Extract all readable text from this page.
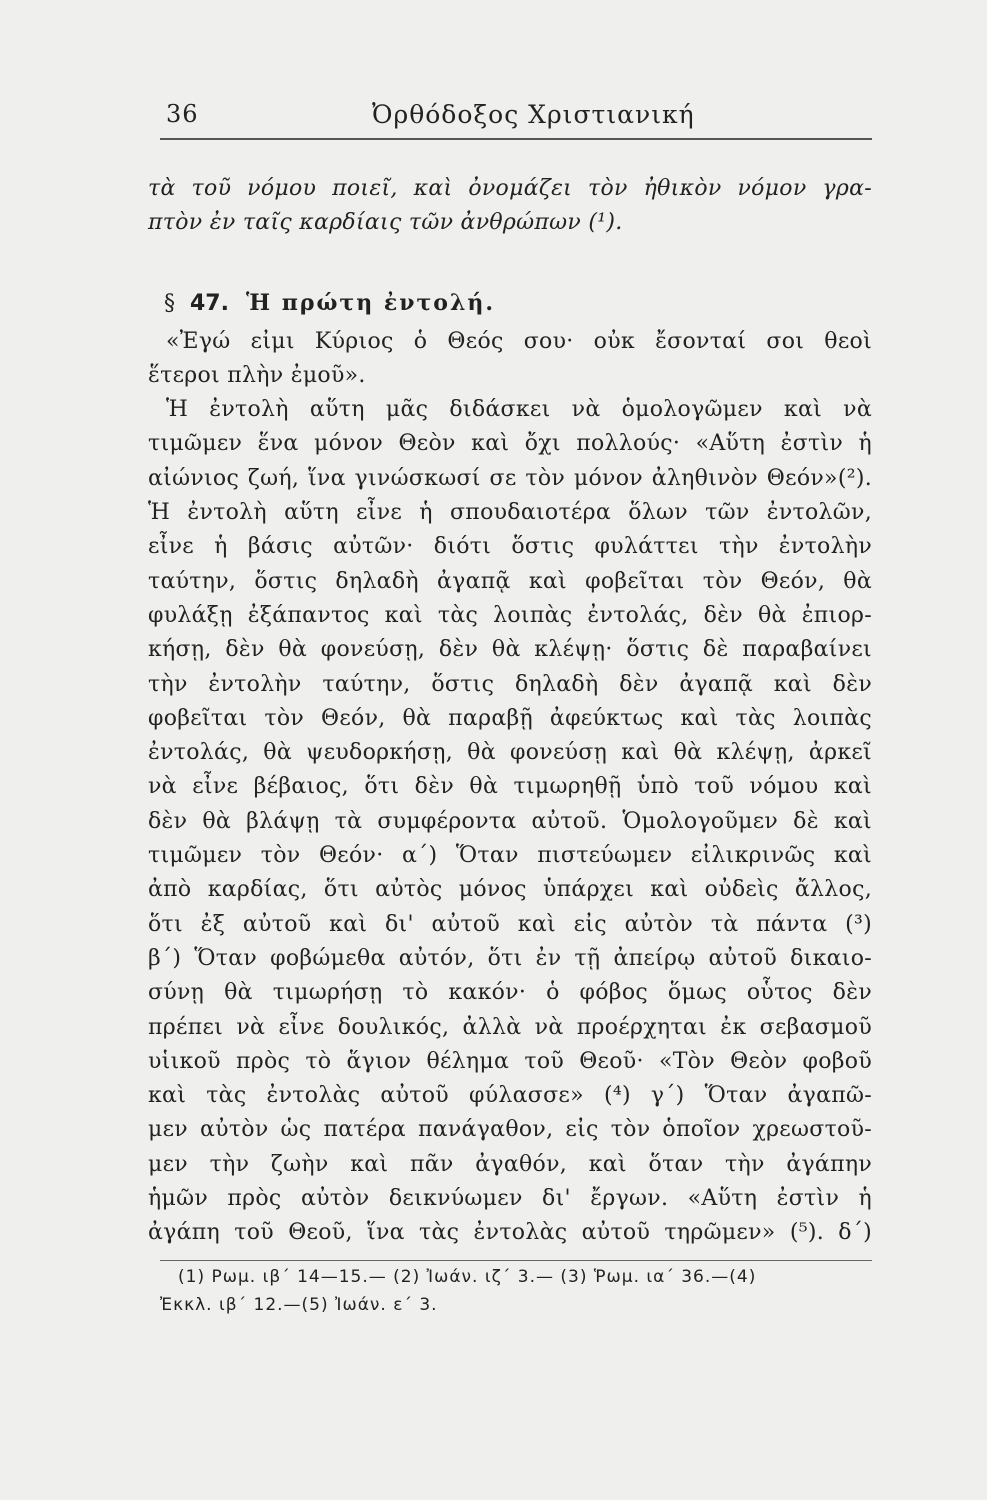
36	Ὀρθόδοξος Χριστιανική
τὰ τοῦ νόμου ποιεῖ, καὶ ὀνομάζει τὸν ἠθικὸν νόμον γρα-
πτὸν ἐν ταῖς καρδίαις τῶν ἀνθρώπων (¹).
§ 47. Ἡ πρώτη ἐντολή.
«Ἐγώ εἰμι Κύριος ὁ Θεός σου· οὐκ ἔσονταί σοι θεοὶ
ἕτεροι πλὴν ἐμοῦ».
Ἡ ἐντολὴ αὕτη μᾶς διδάσκει νὰ ὁμολογῶμεν καὶ νὰ
τιμῶμεν ἕνα μόνον Θεὸν καὶ ὄχι πολλούς· «Αὕτη ἐστὶν ἡ
αἰώνιος ζωή, ἵνα γινώσκωσί σε τὸν μόνον ἀληθινὸν Θεόν»(²).
Ἡ ἐντολὴ αὕτη εἶνε ἡ σπουδαιοτέρα ὅλων τῶν ἐντολῶν,
εἶνε ἡ βάσις αὐτῶν· διότι ὅστις φυλάττει τὴν ἐντολὴν
ταύτην, ὅστις δηλαδὴ ἀγαπᾷ καὶ φοβεῖται τὸν Θεόν, θὰ
φυλάξῃ ἐξάπαντος καὶ τὰς λοιπὰς ἐντολάς, δὲν θὰ ἐπιορ-
κήσῃ, δὲν θὰ φονεύσῃ, δὲν θὰ κλέψῃ· ὅστις δὲ παραβαίνει
τὴν ἐντολὴν ταύτην, ὅστις δηλαδὴ δὲν ἀγαπᾷ καὶ δὲν
φοβεῖται τὸν Θεόν, θὰ παραβῇ ἀφεύκτως καὶ τὰς λοιπὰς
ἐντολάς, θὰ ψευδορκήσῃ, θὰ φονεύσῃ καὶ θὰ κλέψῃ, ἀρκεῖ
νὰ εἶνε βέβαιος, ὅτι δὲν θὰ τιμωρηθῇ ὑπὸ τοῦ νόμου καὶ
δὲν θὰ βλάψῃ τὰ συμφέροντα αὐτοῦ. Ὁμολογοῦμεν δὲ καὶ
τιμῶμεν τὸν Θεόν· α΄) Ὅταν πιστεύωμεν εἰλικρινῶς καὶ
ἀπὸ καρδίας, ὅτι αὐτὸς μόνος ὑπάρχει καὶ οὐδεὶς ἄλλος,
ὅτι ἐξ αὐτοῦ καὶ δι' αὐτοῦ καὶ εἰς αὐτὸν τὰ πάντα (³)
β΄) Ὅταν φοβώμεθα αὐτόν, ὅτι ἐν τῇ ἀπείρῳ αὐτοῦ δικαιο-
σύνῃ θὰ τιμωρήσῃ τὸ κακόν· ὁ φόβος ὅμως οὗτος δὲν
πρέπει νὰ εἶνε δουλικός, ἀλλὰ νὰ προέρχηται ἐκ σεβασμοῦ
υἱικοῦ πρὸς τὸ ἅγιον θέλημα τοῦ Θεοῦ· «Τὸν Θεὸν φοβοῦ
καὶ τὰς ἐντολὰς αὐτοῦ φύλασσε» (⁴) γ΄) Ὅταν ἀγαπῶ-
μεν αὐτὸν ὡς πατέρα πανάγαθον, εἰς τὸν ὁποῖον χρεωστοῦ-
μεν τὴν ζωὴν καὶ πᾶν ἀγαθόν, καὶ ὅταν τὴν ἀγάπην
ἡμῶν πρὸς αὐτὸν δεικνύωμεν δι' ἔργων. «Αὕτη ἐστὶν ἡ
ἀγάπη τοῦ Θεοῦ, ἵνα τὰς ἐντολὰς αὐτοῦ τηρῶμεν» (⁵). δ΄)
(1) Ρωμ. ιβ΄ 14—15.— (2) Ἰωάν. ιζ΄ 3.— (3) Ῥωμ. ια΄ 36.—(4)
Ἐκκλ. ιβ΄ 12.—(5) Ἰωάν. ε΄ 3.
